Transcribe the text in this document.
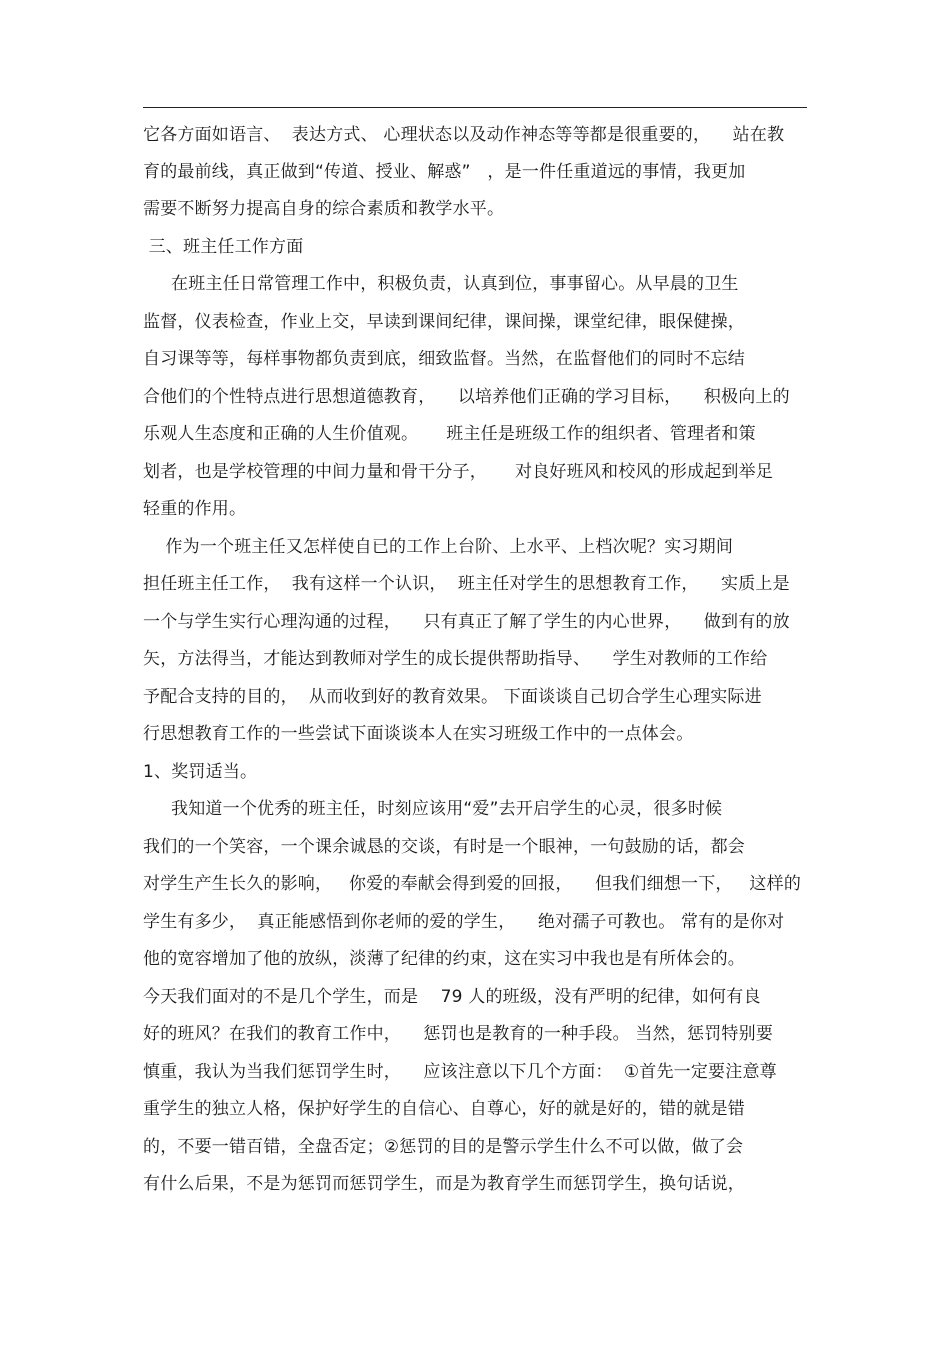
它各方面如语言、  表达方式、 心理状态以及动作神态等等都是很重要的，    站在教
育的最前线，真正做到“传道、授业、解惑”   ，是一件任重道远的事情，我更加
需要不断努力提高自身的综合素质和教学水平。
三、班主任工作方面
在班主任日常管理工作中，积极负责，认真到位，事事留心。从早晨的卫生
监督，仪表检查，作业上交，早读到课间纪律，课间操，课堂纪律，眼保健操，
自习课等等，每样事物都负责到底，细致监督。当然，在监督他们的同时不忘结
合他们的个性特点进行思想道德教育，    以培养他们正确的学习目标，    积极向上的
乐观人生态度和正确的人生价值观。     班主任是班级工作的组织者、管理者和策
划者，也是学校管理的中间力量和骨干分子，     对良好班风和校风的形成起到举足
轻重的作用。
作为一个班主任又怎样使自已的工作上台阶、上水平、上档次呢？实习期间
担任班主任工作，  我有这样一个认识，  班主任对学生的思想教育工作，    实质上是
一个与学生实行心理沟通的过程，    只有真正了解了学生的内心世界，    做到有的放
矢，方法得当，才能达到教师对学生的成长提供帮助指导、    学生对教师的工作给
予配合支持的目的，  从而收到好的教育效果。 下面谈谈自己切合学生心理实际进
行思想教育工作的一些尝试下面谈谈本人在实习班级工作中的一点体会。
1、奖罚适当。
我知道一个优秀的班主任，时刻应该用“爱”去开启学生的心灵，很多时候
我们的一个笑容，一个课余诚恳的交谈，有时是一个眼神，一句鼓励的话，都会
对学生产生长久的影响，   你爱的奉献会得到爱的回报，    但我们细想一下，   这样的
学生有多少，  真正能感悟到你老师的爱的学生，    绝对孺子可教也。 常有的是你对
他的宽容增加了他的放纵，淡薄了纪律的约束，这在实习中我也是有所体会的。
今天我们面对的不是几个学生，而是    79 人的班级，没有严明的纪律，如何有良
好的班风？在我们的教育工作中，    惩罚也是教育的一种手段。 当然，惩罚特别要
慎重，我认为当我们惩罚学生时，    应该注意以下几个方面：  ①首先一定要注意尊
重学生的独立人格，保护好学生的自信心、自尊心，好的就是好的，错的就是错
的，不要一错百错，全盘否定；②惩罚的目的是警示学生什么不可以做，做了会
有什么后果，不是为惩罚而惩罚学生，而是为教育学生而惩罚学生，换句话说，
